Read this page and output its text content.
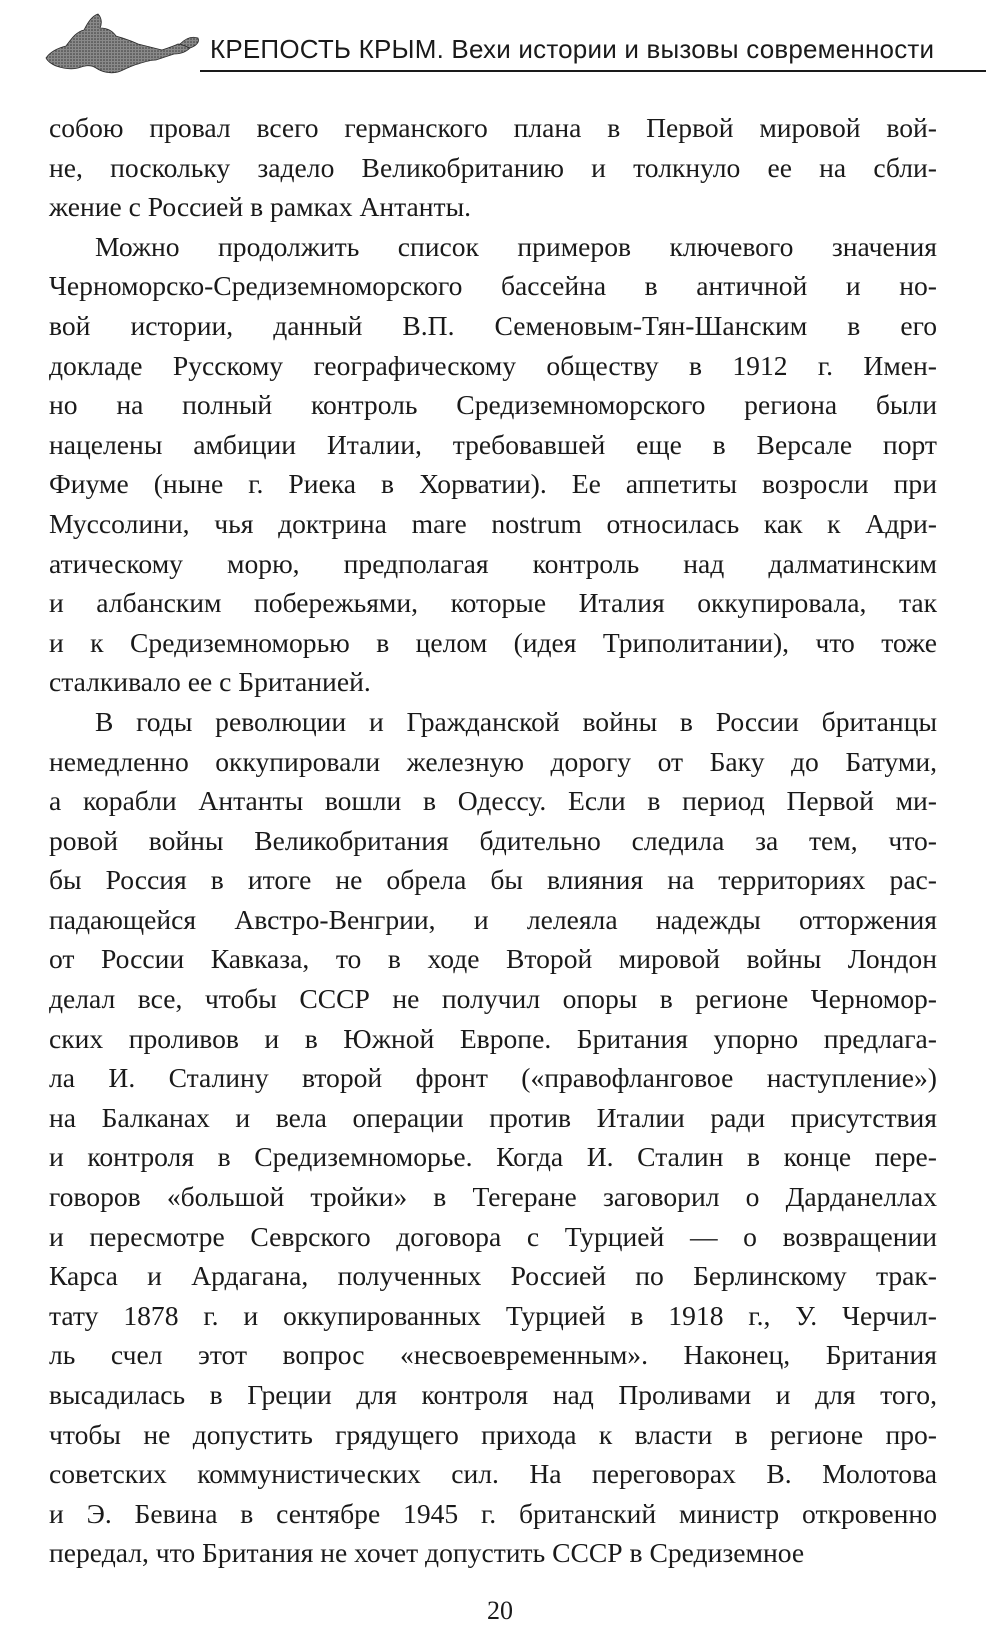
КРЕПОСТЬ КРЫМ. Вехи истории и вызовы современности
собою провал всего германского плана в Первой мировой вой-
не, поскольку задело Великобританию и толкнуло ее на сбли-
жение с Россией в рамках Антанты.
Можно продолжить список примеров ключевого значения
Черноморско-Средиземноморского бассейна в античной и но-
вой истории, данный В.П. Семеновым-Тян-Шанским в его
докладе Русскому географическому обществу в 1912 г. Имен-
но на полный контроль Средиземноморского региона были
нацелены амбиции Италии, требовавшей еще в Версале порт
Фиуме (ныне г. Риека в Хорватии). Ее аппетиты возросли при
Муссолини, чья доктрина mare nostrum относилась как к Адри-
атическому морю, предполагая контроль над далматинским
и албанским побережьями, которые Италия оккупировала, так
и к Средиземноморью в целом (идея Триполитании), что тоже
сталкивало ее с Британией.
В годы революции и Гражданской войны в России британцы
немедленно оккупировали железную дорогу от Баку до Батуми,
а корабли Антанты вошли в Одессу. Если в период Первой ми-
ровой войны Великобритания бдительно следила за тем, что-
бы Россия в итоге не обрела бы влияния на территориях рас-
падающейся Австро-Венгрии, и лелеяла надежды отторжения
от России Кавказа, то в ходе Второй мировой войны Лондон
делал все, чтобы СССР не получил опоры в регионе Черномор-
ских проливов и в Южной Европе. Британия упорно предлага-
ла И. Сталину второй фронт («правофланговое наступление»)
на Балканах и вела операции против Италии ради присутствия
и контроля в Средиземноморье. Когда И. Сталин в конце пере-
говоров «большой тройки» в Тегеране заговорил о Дарданеллах
и пересмотре Севрского договора с Турцией — о возвращении
Карса и Ардагана, полученных Россией по Берлинскому трак-
тату 1878 г. и оккупированных Турцией в 1918 г., У. Черчил-
ль счел этот вопрос «несвоевременным». Наконец, Британия
высадилась в Греции для контроля над Проливами и для того,
чтобы не допустить грядущего прихода к власти в регионе про-
советских коммунистических сил. На переговорах В. Молотова
и Э. Бевина в сентябре 1945 г. британский министр откровенно
передал, что Британия не хочет допустить СССР в Средиземное
20
